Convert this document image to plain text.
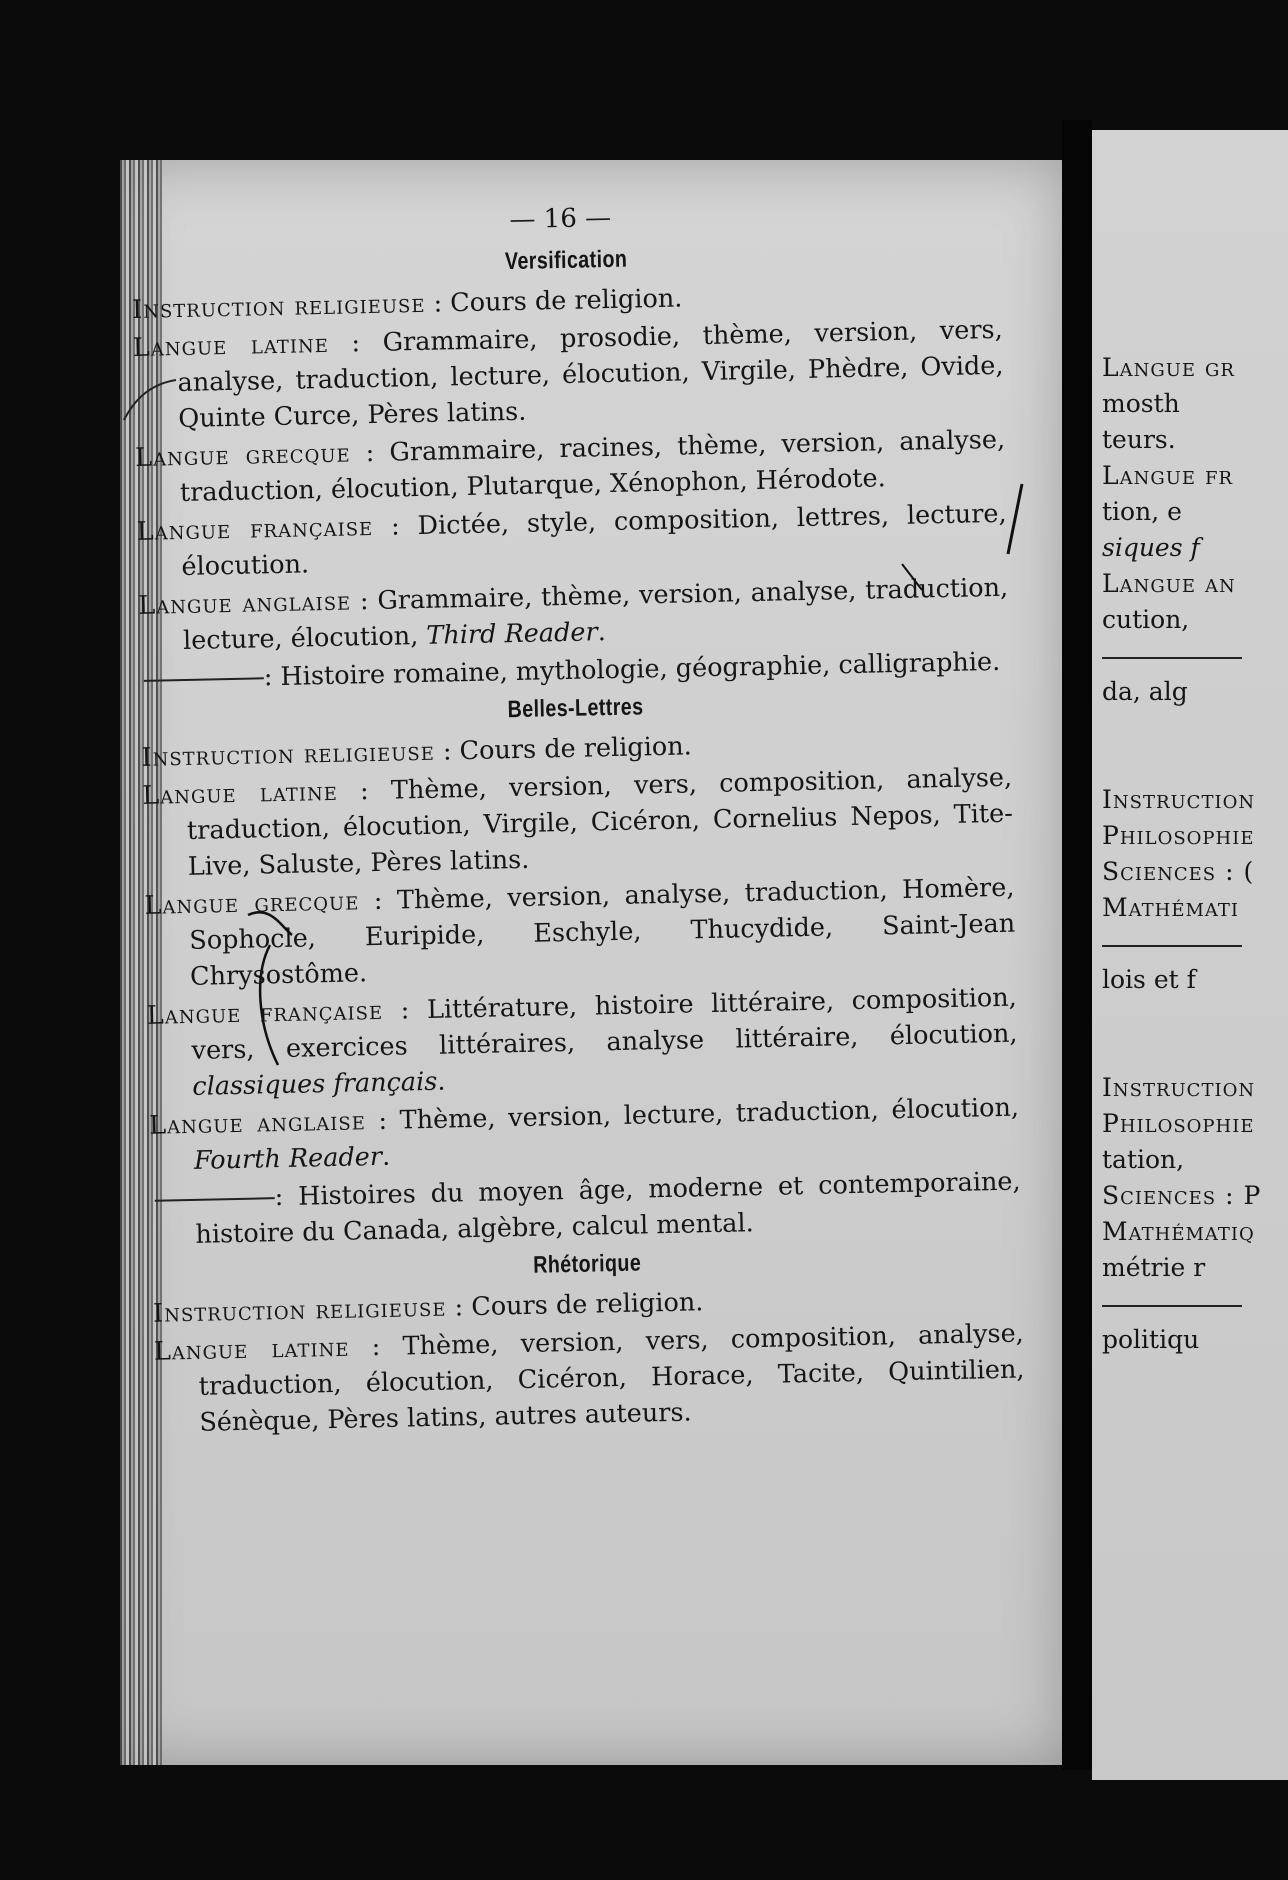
— 16 —
Versification

Instruction religieuse : Cours de religion.

Langue latine : Grammaire, prosodie, thème, version, vers, analyse, traduction, lecture, élocution, Virgile, Phèdre, Ovide, Quinte Curce, Pères latins.

Langue grecque : Grammaire, racines, thème, version, analyse, traduction, élocution, Plutarque, Xénophon, Hérodote.

Langue française : Dictée, style, composition, lettres, lecture, élocution.

Langue anglaise : Grammaire, thème, version, analyse, traduction, lecture, élocution, Third Reader.

: Histoire romaine, mythologie, géographie, calligraphie.

Belles-Lettres

Instruction religieuse : Cours de religion.

Langue latine : Thème, version, vers, composition, analyse, traduction, élocution, Virgile, Cicéron, Cornelius Nepos, Tite-Live, Saluste, Pères latins.

Langue grecque : Thème, version, analyse, traduction, Homère, Sophocle, Euripide, Eschyle, Thucydide, Saint-Jean Chrysostôme.

Langue française : Littérature, histoire littéraire, composition, vers, exercices littéraires, analyse littéraire, élocution, classiques français.

Langue anglaise : Thème, version, lecture, traduction, élocution, Fourth Reader.

: Histoires du moyen âge, moderne et contemporaine, histoire du Canada, algèbre, calcul mental.

Rhétorique

Instruction religieuse : Cours de religion.

Langue latine : Thème, version, vers, composition, analyse, traduction, élocution, Cicéron, Horace, Tacite, Quintilien, Sénèque, Pères latins, autres auteurs.

Langue gr
mosth
teurs.
Langue fr
tion, e
siques f
Langue an
cution,
da, alg
Instruction
Philosophie
Sciences : (
Mathémati
lois et f
Instruction
Philosophie
tation,
Sciences : P
Mathématiq
métrie r
politiqu
